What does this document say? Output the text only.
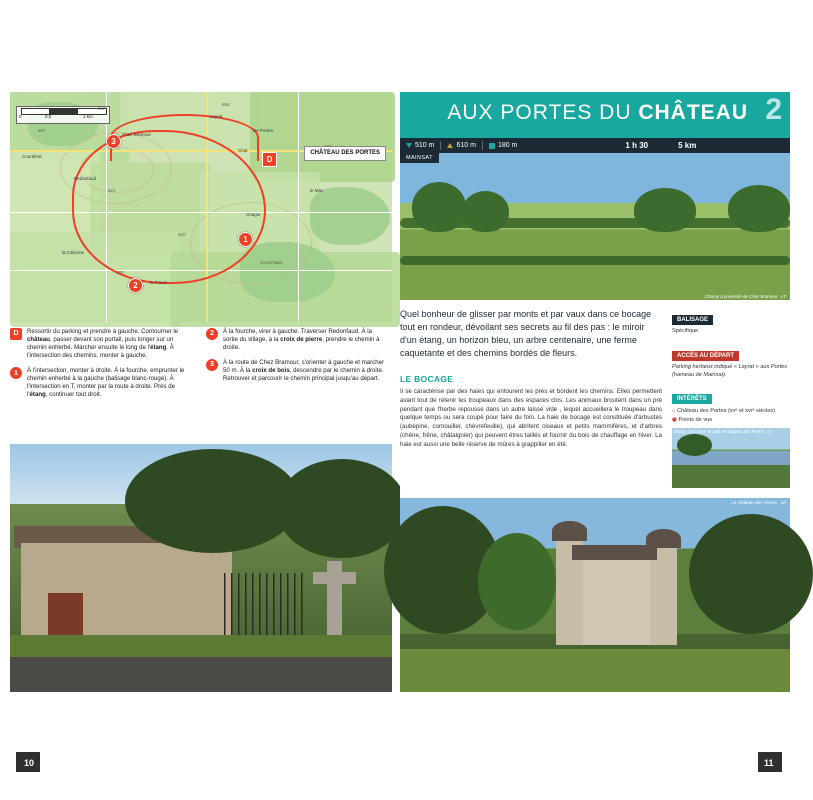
0	0,5	1 km	Layrat
les Portes
Chez Bramour
Courtiéral
Redonfaud
la Caborne
le Fraud
Chagot
Grand Bois
Chat
le Mas
547
607
621
604
580
610
1
2
3
D
CHÂTEAU DES PORTES
D	Ressortir du parking et prendre à gauche. Contourner le château, passer devant son portail, puis longer sur un chemin enherbé. Marcher ensuite le long de l'étang. À l'intersection des chemins, monter à gauche.
1	À l'intersection, monter à droite. À la fourche, emprunter le chemin enherbé à la gauche (balisage blanc-rouge). À l'intersection en T, monter par la route à droite. Près de l'étang, continuer tout droit.
2	À la fourche, virer à gauche. Traverser Redonfaud. À la sortie du village, à la croix de pierre, prendre le chemin à droite.
3	À la route de Chez Bramour, s'orienter à gauche et marcher 50 m. À la croix de bois, descendre par le chemin à droite. Retrouver et parcourir le chemin principal jusqu'au départ.
10
AUX PORTES DU CHÂTEAU 2
510 m	610 m	180 m	1 h 30	5 km
Champ à proximité de Chez Bramour. -LT-
MAINSAT
Quel bonheur de glisser par monts et par vaux dans ce bocage tout en rondeur, dévoilant ses secrets au fil des pas : le miroir d'un étang, un horizon bleu, un arbre centenaire, une ferme caquetante et des chemins bordés de fleurs.
LE BOCAGE

Il se caractérise par des haies qui entourent les prés et bordent les chemins. Elles permettent avant tout de retenir les troupeaux dans des espaces clos. Les animaux broutent dans un pré pendant que l'herbe repousse dans un autre laissé vide , lequel accueillera le troupeau dans quelque temps ou sera coupé pour faire du foin. La haie de bocage est constituée d'arbustes (aubépine, cornouiller, chèvrefeuille), qui abritent oiseaux et petits mammifères, et d'arbres (chêne, frêne, châtaignier) qui peuvent êtres taillés et fournir du bois de chauffage en hiver. La haie est aussi une belle réserve de mûres à grappiller en été.

BALISAGE

Spécifique

ACCÈS AU DÉPART

Parking herbeux indiqué « Layrat » aux Portes (hameau de Mainsat).

INTÉRÊTS

⌂ Château des Portes (xvᵉ et xvıᵉ siècles)

◉ Points de vue

Étang, dans foyer le petit ermitageau des Portes. -LT-
Le château des Portes. -Ni-
11
